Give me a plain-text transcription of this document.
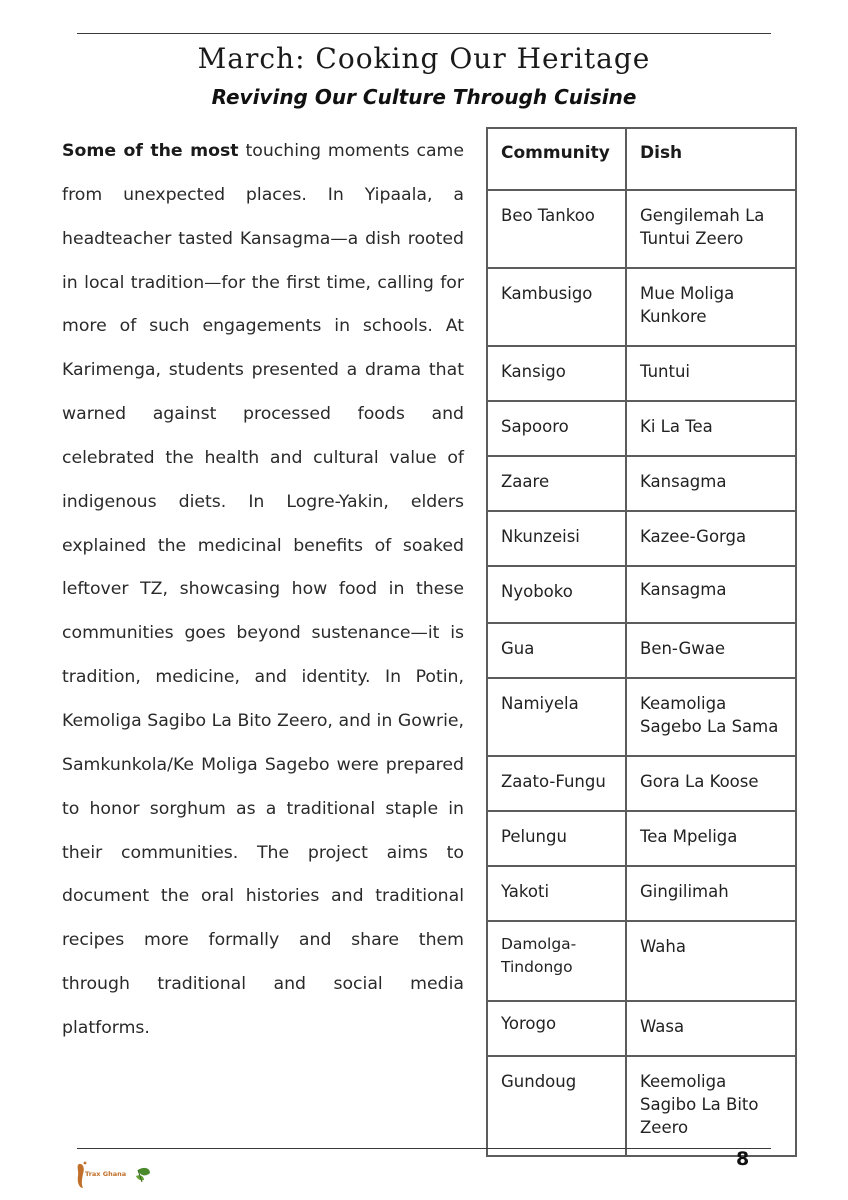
March: Cooking Our Heritage
Reviving Our Culture Through Cuisine

Some of the most touching moments came from unexpected places. In Yipaala, a headteacher tasted Kansagma—a dish rooted in local tradition—for the first time, calling for more of such engagements in schools. At Karimenga, students presented a drama that warned against processed foods and celebrated the health and cultural value of indigenous diets. In Logre-Yakin, elders explained the medicinal benefits of soaked leftover TZ, showcasing how food in these communities goes beyond sustenance—it is tradition, medicine, and identity. In Potin, Kemoliga Sagibo La Bito Zeero, and in Gowrie, Samkunkola/Ke Moliga Sagebo were prepared to honor sorghum as a traditional staple in their communities. The project aims to document the oral histories and traditional recipes more formally and share them through traditional and social media platforms.

Community	Dish
Beo Tankoo	Gengilemah La Tuntui Zeero
Kambusigo	Mue Moliga Kunkore
Kansigo	Tuntui
Sapooro	Ki La Tea
Zaare	Kansagma
Nkunzeisi	Kazee-Gorga
Nyoboko	Kansagma
Gua	Ben-Gwae
Namiyela	Keamoliga Sagebo La Sama
Zaato-Fungu	Gora La Koose
Pelungu	Tea Mpeliga
Yakoti	Gingilimah
Damolga-Tindongo	Waha
Yorogo	Wasa
Gundoug	Keemoliga Sagibo La Bito Zeero
8
Trax Ghana
